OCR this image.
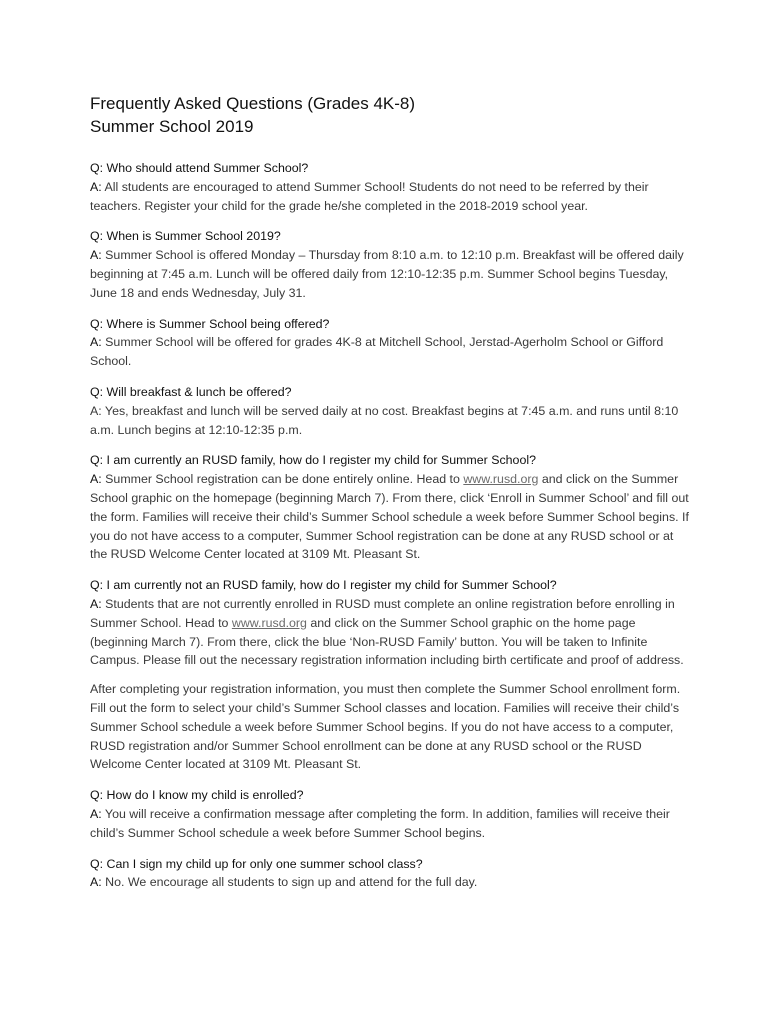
Frequently Asked Questions (Grades 4K-8)
Summer School 2019

Q: Who should attend Summer School?

A: All students are encouraged to attend Summer School! Students do not need to be referred by their teachers. Register your child for the grade he/she completed in the 2018-2019 school year.

Q: When is Summer School 2019?

A: Summer School is offered Monday – Thursday from 8:10 a.m. to 12:10 p.m. Breakfast will be offered daily beginning at 7:45 a.m. Lunch will be offered daily from 12:10-12:35 p.m. Summer School begins Tuesday, June 18 and ends Wednesday, July 31.

Q: Where is Summer School being offered?

A: Summer School will be offered for grades 4K-8 at Mitchell School, Jerstad-Agerholm School or Gifford School.

Q: Will breakfast & lunch be offered?

A: Yes, breakfast and lunch will be served daily at no cost. Breakfast begins at 7:45 a.m. and runs until 8:10 a.m. Lunch begins at 12:10-12:35 p.m.

Q: I am currently an RUSD family, how do I register my child for Summer School?

A: Summer School registration can be done entirely online. Head to www.rusd.org and click on the Summer School graphic on the homepage (beginning March 7). From there, click ‘Enroll in Summer School’ and fill out the form. Families will receive their child’s Summer School schedule a week before Summer School begins. If you do not have access to a computer, Summer School registration can be done at any RUSD school or at the RUSD Welcome Center located at 3109 Mt. Pleasant St.

Q: I am currently not an RUSD family, how do I register my child for Summer School?

A: Students that are not currently enrolled in RUSD must complete an online registration before enrolling in Summer School. Head to www.rusd.org and click on the Summer School graphic on the home page (beginning March 7). From there, click the blue ‘Non-RUSD Family’ button. You will be taken to Infinite Campus. Please fill out the necessary registration information including birth certificate and proof of address.

After completing your registration information, you must then complete the Summer School enrollment form. Fill out the form to select your child’s Summer School classes and location. Families will receive their child’s Summer School schedule a week before Summer School begins. If you do not have access to a computer, RUSD registration and/or Summer School enrollment can be done at any RUSD school or the RUSD Welcome Center located at 3109 Mt. Pleasant St.

Q: How do I know my child is enrolled?

A: You will receive a confirmation message after completing the form. In addition, families will receive their child’s Summer School schedule a week before Summer School begins.

Q: Can I sign my child up for only one summer school class?

A: No. We encourage all students to sign up and attend for the full day.
